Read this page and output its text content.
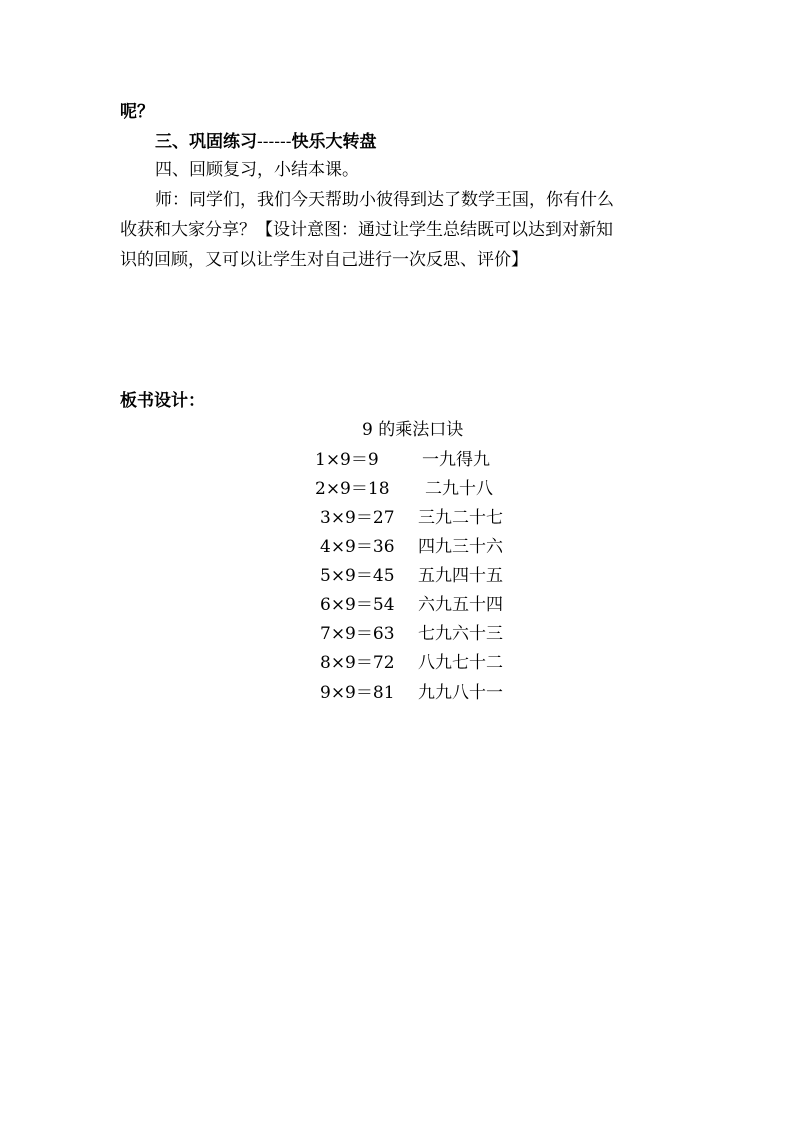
呢？
三、巩固练习------快乐大转盘
四、回顾复习，小结本课。
师：同学们，我们今天帮助小彼得到达了数学王国，你有什么
收获和大家分享？【设计意图：通过让学生总结既可以达到对新知
识的回顾，又可以让学生对自己进行一次反思、评价】
板书设计：
9 的乘法口诀
1×9＝9	一九得九
2×9＝18 二九十八
3×9＝27 三九二十七
4×9＝36 四九三十六
5×9＝45 五九四十五
6×9＝54 六九五十四
7×9＝63 七九六十三
8×9＝72 八九七十二
9×9＝81 九九八十一
